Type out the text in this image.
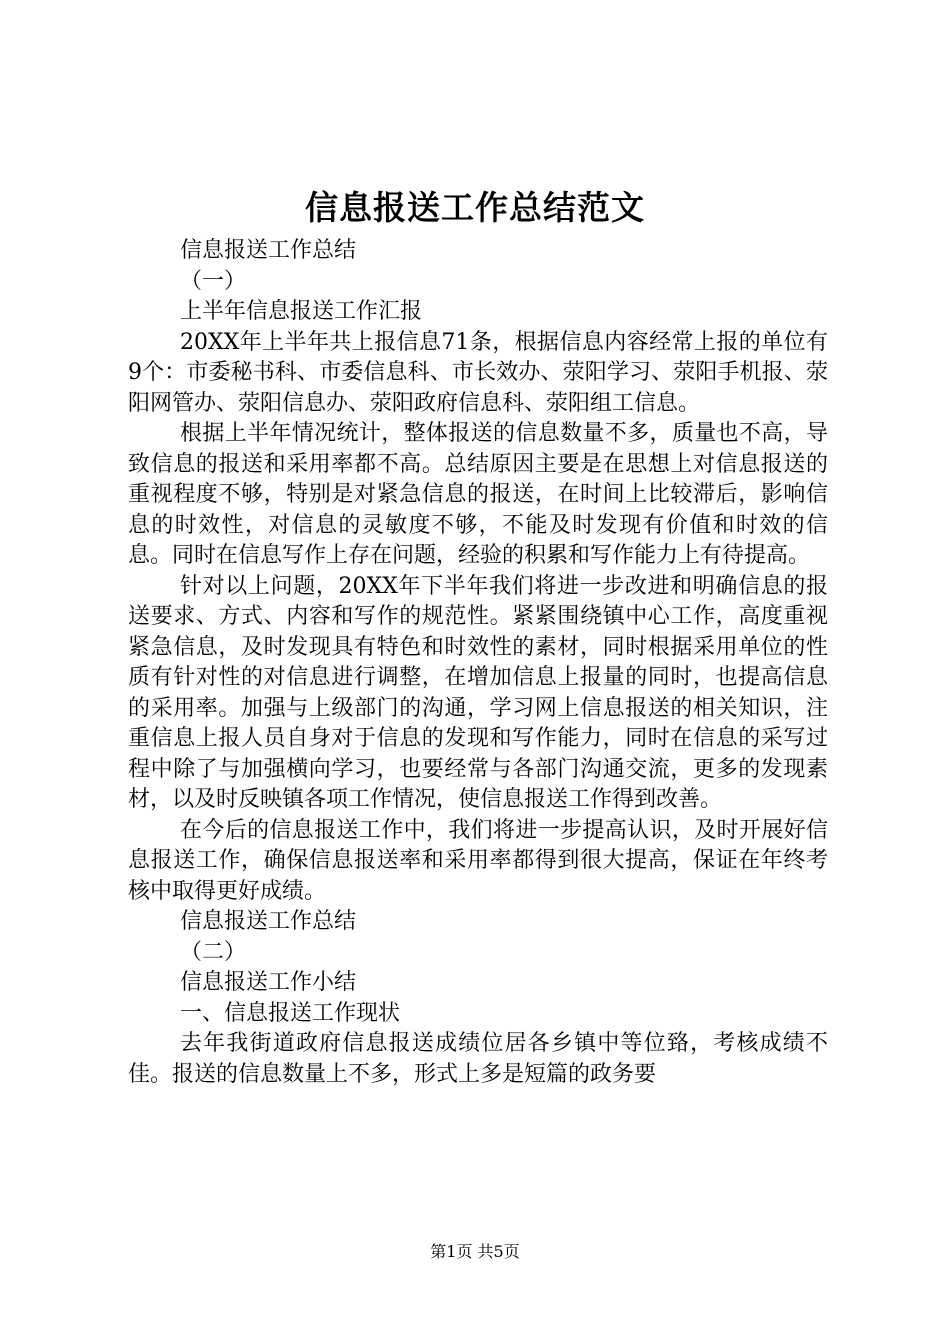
信息报送工作总结范文

信息报送工作总结

（一）

上半年信息报送工作汇报

20XX年上半年共上报信息71条，根据信息内容经常上报的单位有9个：市委秘书科、市委信息科、市长效办、荥阳学习、荥阳手机报、荥阳网管办、荥阳信息办、荥阳政府信息科、荥阳组工信息。

根据上半年情况统计，整体报送的信息数量不多，质量也不高，导致信息的报送和采用率都不高。总结原因主要是在思想上对信息报送的重视程度不够，特别是对紧急信息的报送，在时间上比较滞后，影响信息的时效性，对信息的灵敏度不够，不能及时发现有价值和时效的信息。同时在信息写作上存在问题，经验的积累和写作能力上有待提高。

针对以上问题，20XX年下半年我们将进一步改进和明确信息的报送要求、方式、内容和写作的规范性。紧紧围绕镇中心工作，高度重视紧急信息，及时发现具有特色和时效性的素材，同时根据采用单位的性质有针对性的对信息进行调整，在增加信息上报量的同时，也提高信息的采用率。加强与上级部门的沟通，学习网上信息报送的相关知识，注重信息上报人员自身对于信息的发现和写作能力，同时在信息的采写过程中除了与加强横向学习，也要经常与各部门沟通交流，更多的发现素材，以及时反映镇各项工作情况，使信息报送工作得到改善。

在今后的信息报送工作中，我们将进一步提高认识，及时开展好信息报送工作，确保信息报送率和采用率都得到很大提高，保证在年终考核中取得更好成绩。

信息报送工作总结

（二）

信息报送工作小结

一、信息报送工作现状

去年我街道政府信息报送成绩位居各乡镇中等位臵，考核成绩不佳。报送的信息数量上不多，形式上多是短篇的政务要

第1页 共5页
